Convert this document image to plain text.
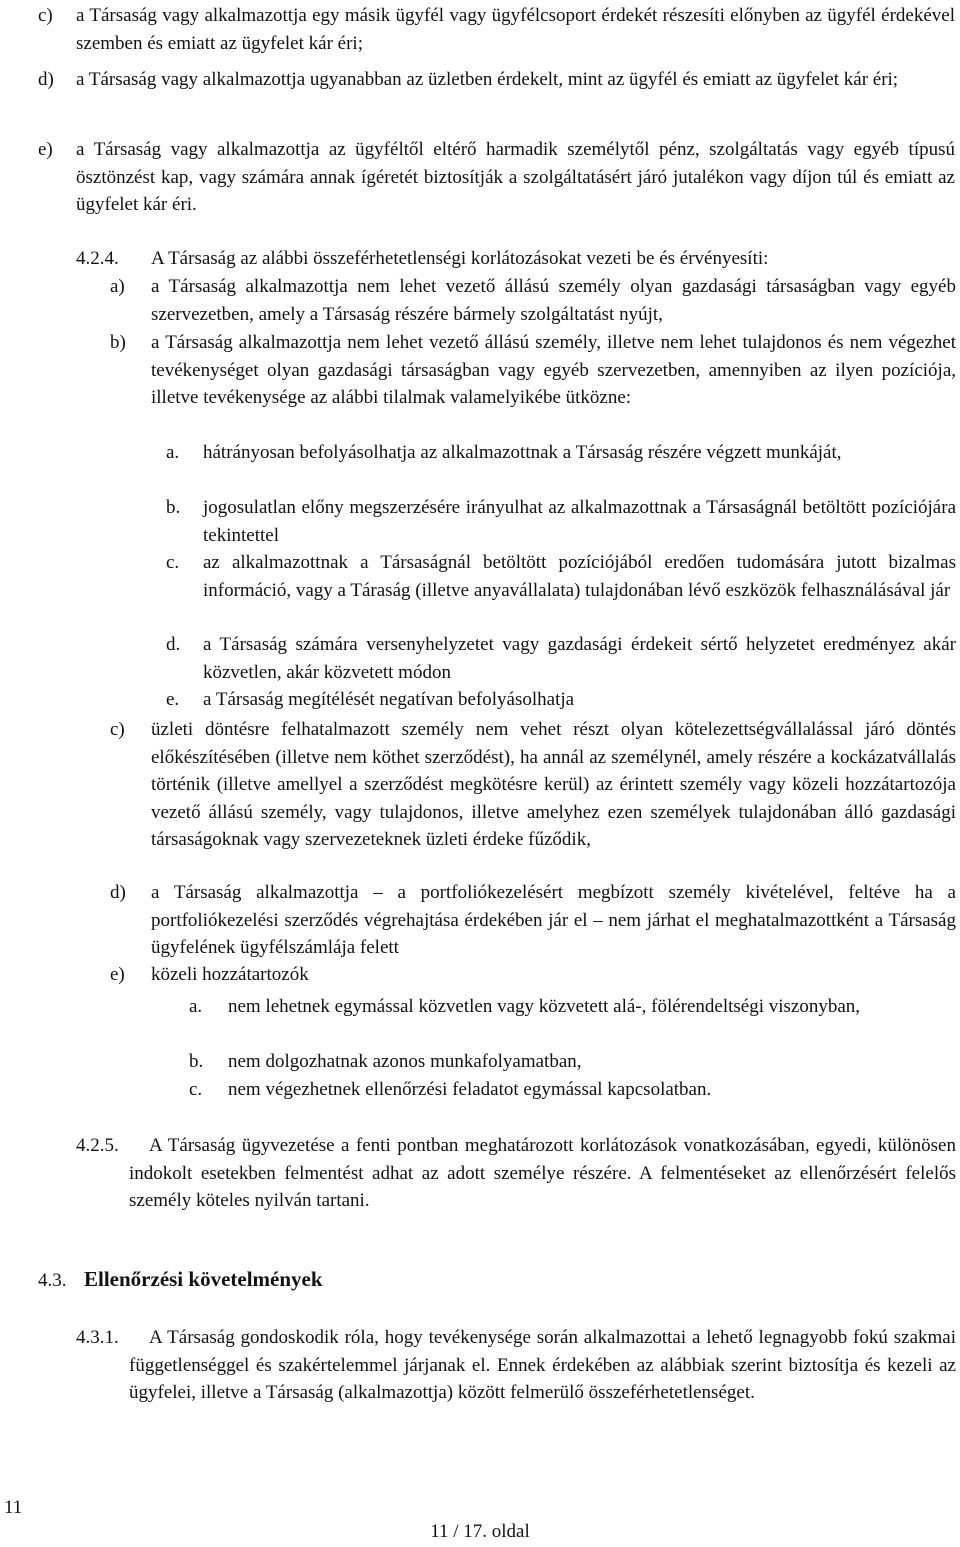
c) a Társaság vagy alkalmazottja egy másik ügyfél vagy ügyfélcsoport érdekét részesíti előnyben az ügyfél érdekével szemben és emiatt az ügyfelet kár éri;
d) a Társaság vagy alkalmazottja ugyanabban az üzletben érdekelt, mint az ügyfél és emiatt az ügyfelet kár éri;
e) a Társaság vagy alkalmazottja az ügyféltől eltérő harmadik személytől pénz, szolgáltatás vagy egyéb típusú ösztönzést kap, vagy számára annak ígéretét biztosítják a szolgáltatásért járó jutalékon vagy díjon túl és emiatt az ügyfelet kár éri.
4.2.4. A Társaság az alábbi összeférhetetlenségi korlátozásokat vezeti be és érvényesíti:
a) a Társaság alkalmazottja nem lehet vezető állású személy olyan gazdasági társaságban vagy egyéb szervezetben, amely a Társaság részére bármely szolgáltatást nyújt,
b) a Társaság alkalmazottja nem lehet vezető állású személy, illetve nem lehet tulajdonos és nem végezhet tevékenységet olyan gazdasági társaságban vagy egyéb szervezetben, amennyiben az ilyen pozíciója, illetve tevékenysége az alábbi tilalmak valamelyikébe ütközne:
a. hátrányosan befolyásolhatja az alkalmazottnak a Társaság részére végzett munkáját,
b. jogosulatlan előny megszerzésére irányulhat az alkalmazottnak a Társaságnál betöltött pozíciójára tekintettel
c. az alkalmazottnak a Társaságnál betöltött pozíciójából eredően tudomására jutott bizalmas információ, vagy a Táraság (illetve anyavállalata) tulajdonában lévő eszközök felhasználásával jár
d. a Társaság számára versenyhelyzetet vagy gazdasági érdekeit sértő helyzetet eredményez akár közvetlen, akár közvetett módon
e. a Társaság megítélését negatívan befolyásolhatja
c) üzleti döntésre felhatalmazott személy nem vehet részt olyan kötelezettségvállalással járó döntés előkészítésében (illetve nem köthet szerződést), ha annál az személynél, amely részére a kockázatvállalás történik (illetve amellyel a szerződést megkötésre kerül) az érintett személy vagy közeli hozzátartozója vezető állású személy, vagy tulajdonos, illetve amelyhez ezen személyek tulajdonában álló gazdasági társaságoknak vagy szervezeteknek üzleti érdeke fűződik,
d) a Társaság alkalmazottja – a portfoliókezelésért megbízott személy kivételével, feltéve ha a portfoliókezelési szerződés végrehajtása érdekében jár el – nem járhat el meghatalmazottként a Társaság ügyfelének ügyfélszámlája felett
e) közeli hozzátartozók
a. nem lehetnek egymással közvetlen vagy közvetett alá-, fölérendeltségi viszonyban,
b. nem dolgozhatnak azonos munkafolyamatban,
c. nem végezhetnek ellenőrzési feladatot egymással kapcsolatban.
4.2.5.	A Társaság ügyvezetése a fenti pontban meghatározott korlátozások vonatkozásában, egyedi, különösen indokolt esetekben felmentést adhat az adott személye részére. A felmentéseket az ellenőrzésért felelős személy köteles nyilván tartani.
4.3. Ellenőrzési követelmények
4.3.1.	A Társaság gondoskodik róla, hogy tevékenysége során alkalmazottai a lehető legnagyobb fokú szakmai függetlenséggel és szakértelemmel járjanak el. Ennek érdekében az alábbiak szerint biztosítja és kezeli az ügyfelei, illetve a Társaság (alkalmazottja) között felmerülő összeférhetetlenséget.
11
11 / 17. oldal
